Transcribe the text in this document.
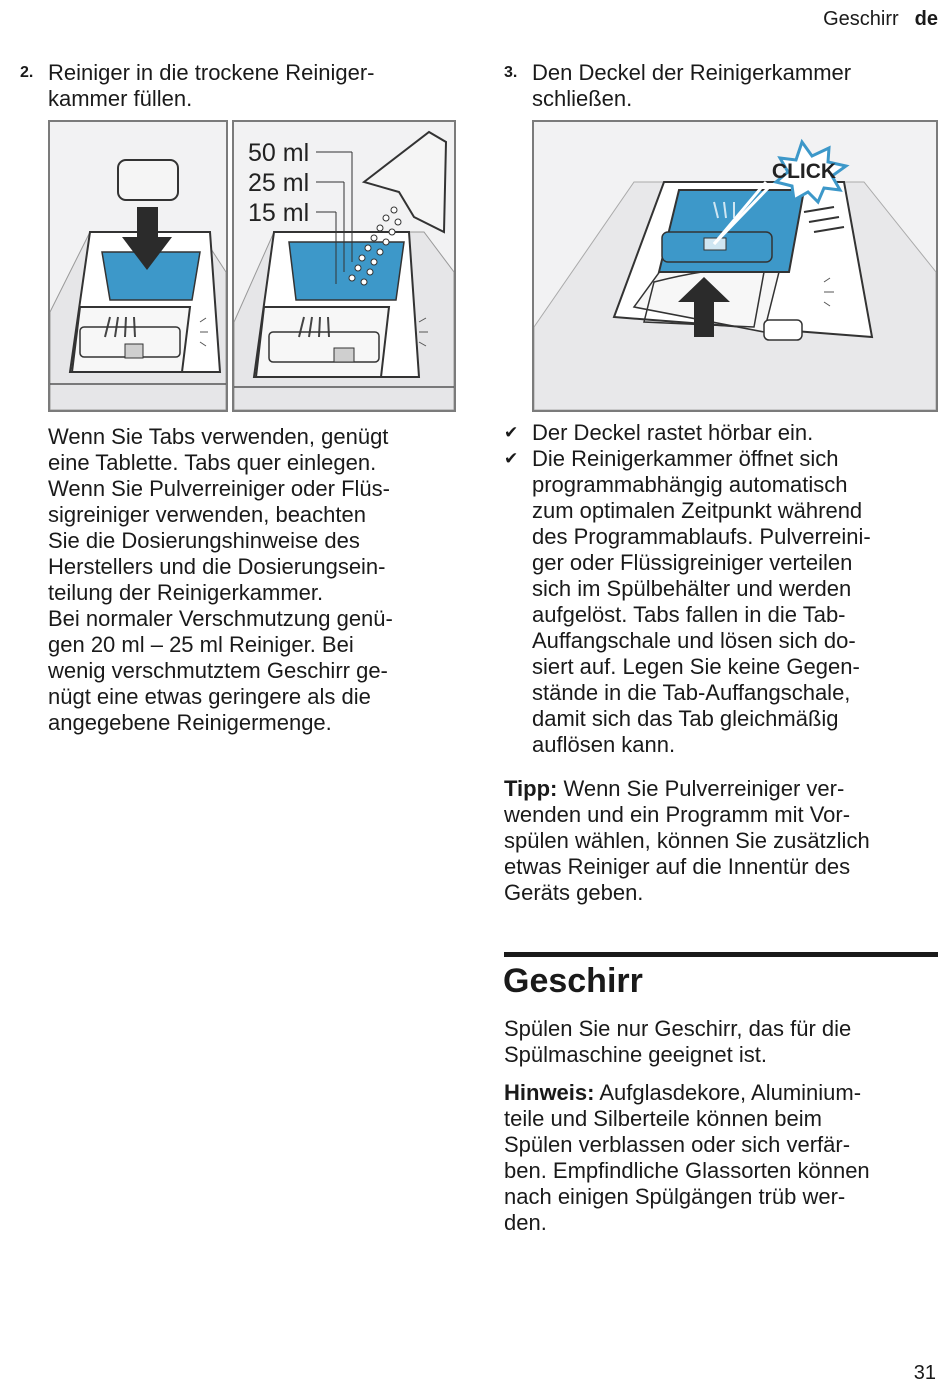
Geschirr de
2. Reiniger in die trockene Reiniger-
kammer füllen.

50 ml
25 ml
15 ml

Wenn Sie Tabs verwenden, genügt
eine Tablette. Tabs quer einlegen.
Wenn Sie Pulverreiniger oder Flüs-
sigreiniger verwenden, beachten
Sie die Dosierungshinweise des
Herstellers und die Dosierungsein-
teilung der Reinigerkammer.
Bei normaler Verschmutzung genü-
gen 20 ml – 25 ml Reiniger. Bei
wenig verschmutztem Geschirr ge-
nügt eine etwas geringere als die
angegebene Reinigermenge.

3. Den Deckel der Reinigerkammer
schließen.

CLICK
✔ Der Deckel rastet hörbar ein.
✔ Die Reinigerkammer öffnet sich
programmabhängig automatisch
zum optimalen Zeitpunkt während
des Programmablaufs. Pulverreini-
ger oder Flüssigreiniger verteilen
sich im Spülbehälter und werden
aufgelöst. Tabs fallen in die Tab-
Auffangschale und lösen sich do-
siert auf. Legen Sie keine Gegen-
stände in die Tab-Auffangschale,
damit sich das Tab gleichmäßig
auflösen kann.

Tipp: Wenn Sie Pulverreiniger ver-
wenden und ein Programm mit Vor-
spülen wählen, können Sie zusätzlich
etwas Reiniger auf die Innentür des
Geräts geben.

Geschirr

Spülen Sie nur Geschirr, das für die
Spülmaschine geeignet ist.

Hinweis: Aufglasdekore, Aluminium-
teile und Silberteile können beim
Spülen verblassen oder sich verfär-
ben. Empfindliche Glassorten können
nach einigen Spülgängen trüb wer-
den.

31
